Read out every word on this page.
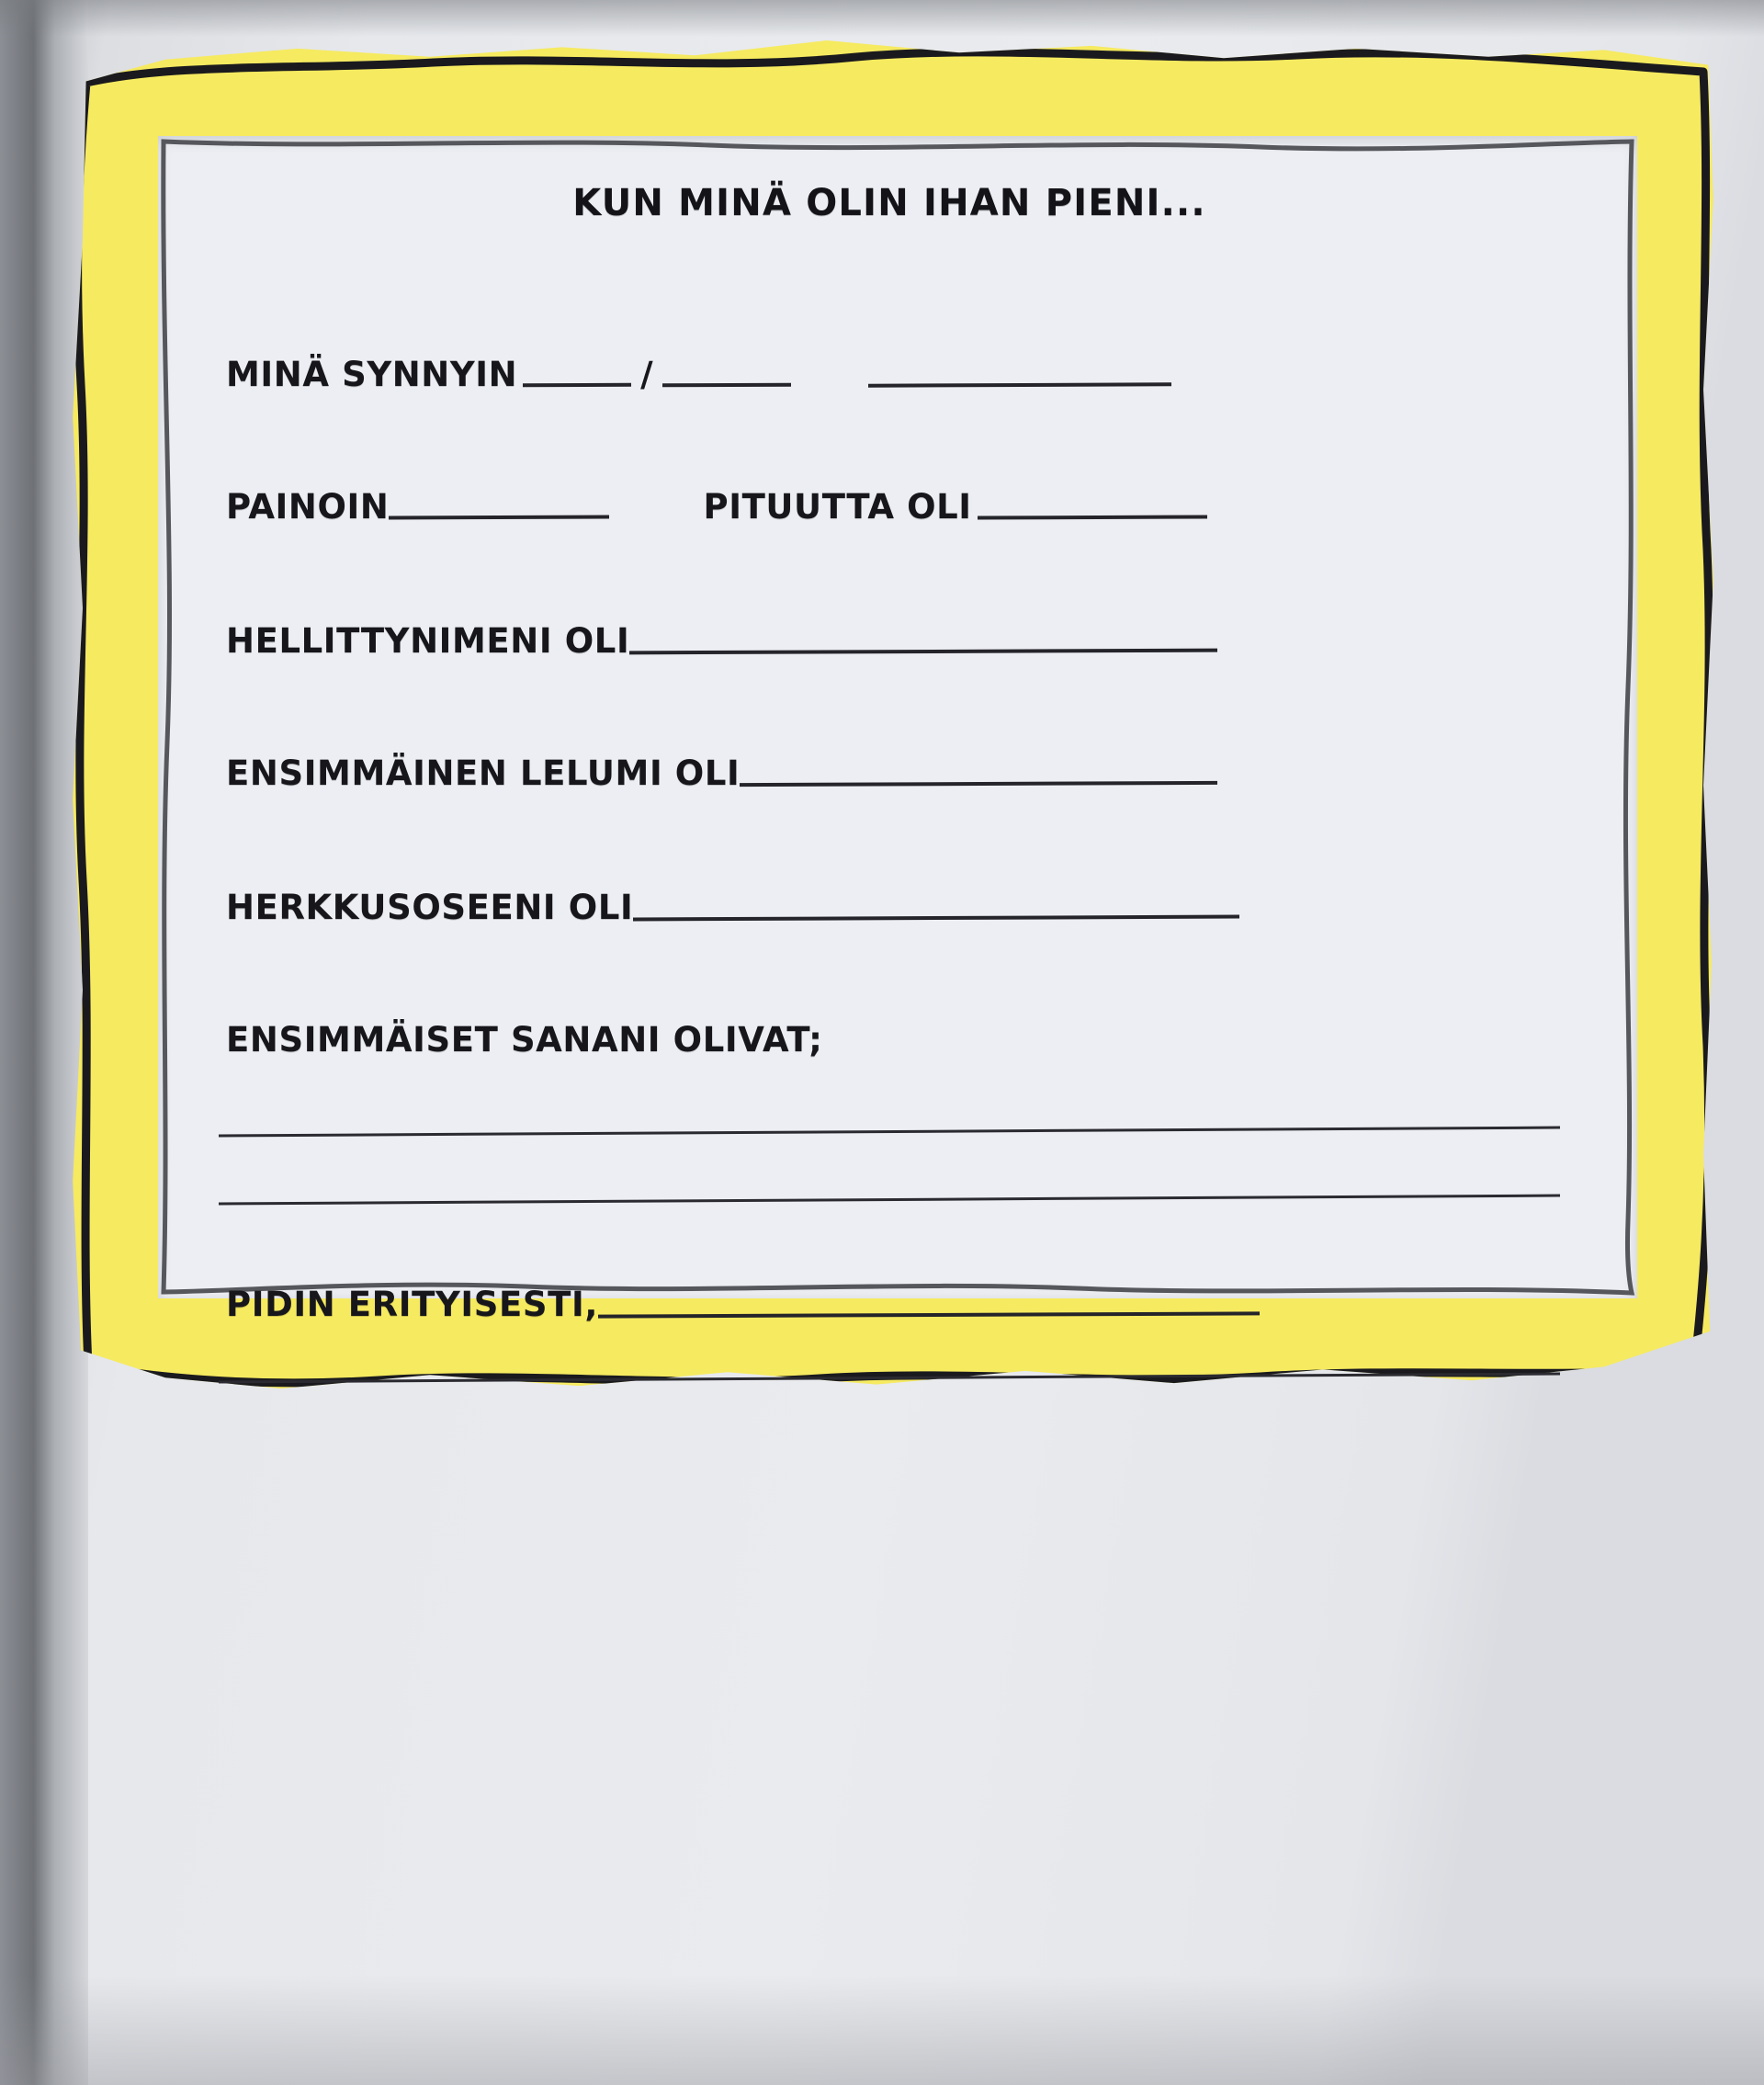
KUN MINÄ OLIN IHAN PIENI...
MINÄ SYNNYIN	/
PAINOIN	PITUUTTA OLI
HELLITTYNIMENI OLI
ENSIMMÄINEN LELUMI OLI
HERKKUSOSEENI OLI
ENSIMMÄISET SANANI OLIVAT;
PIDIN ERITYISESTI,
